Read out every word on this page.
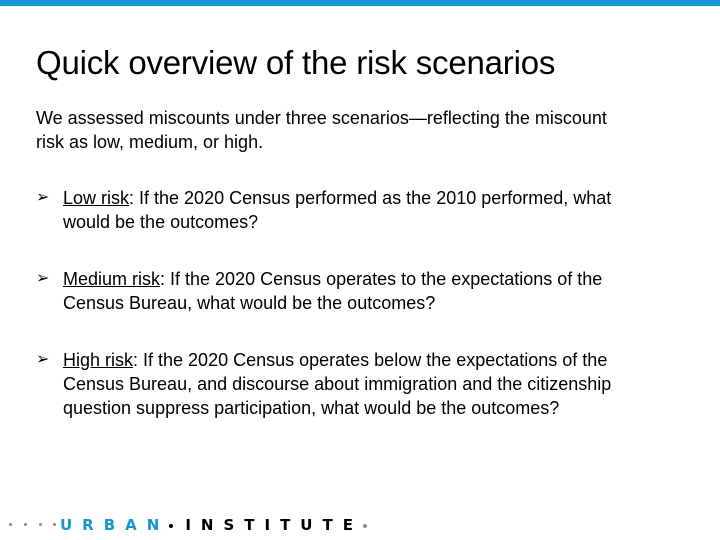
Quick overview of the risk scenarios

We assessed miscounts under three scenarios—reflecting the miscount risk as low, medium, or high.

➢ Low risk: If the 2020 Census performed as the 2010 performed, what would be the outcomes?
➢ Medium risk: If the 2020 Census operates to the expectations of the Census Bureau, what would be the outcomes?
➢ High risk: If the 2020 Census operates below the expectations of the Census Bureau, and discourse about immigration and the citizenship question suppress participation, what would be the outcomes?
URBAN INSTITUTE
